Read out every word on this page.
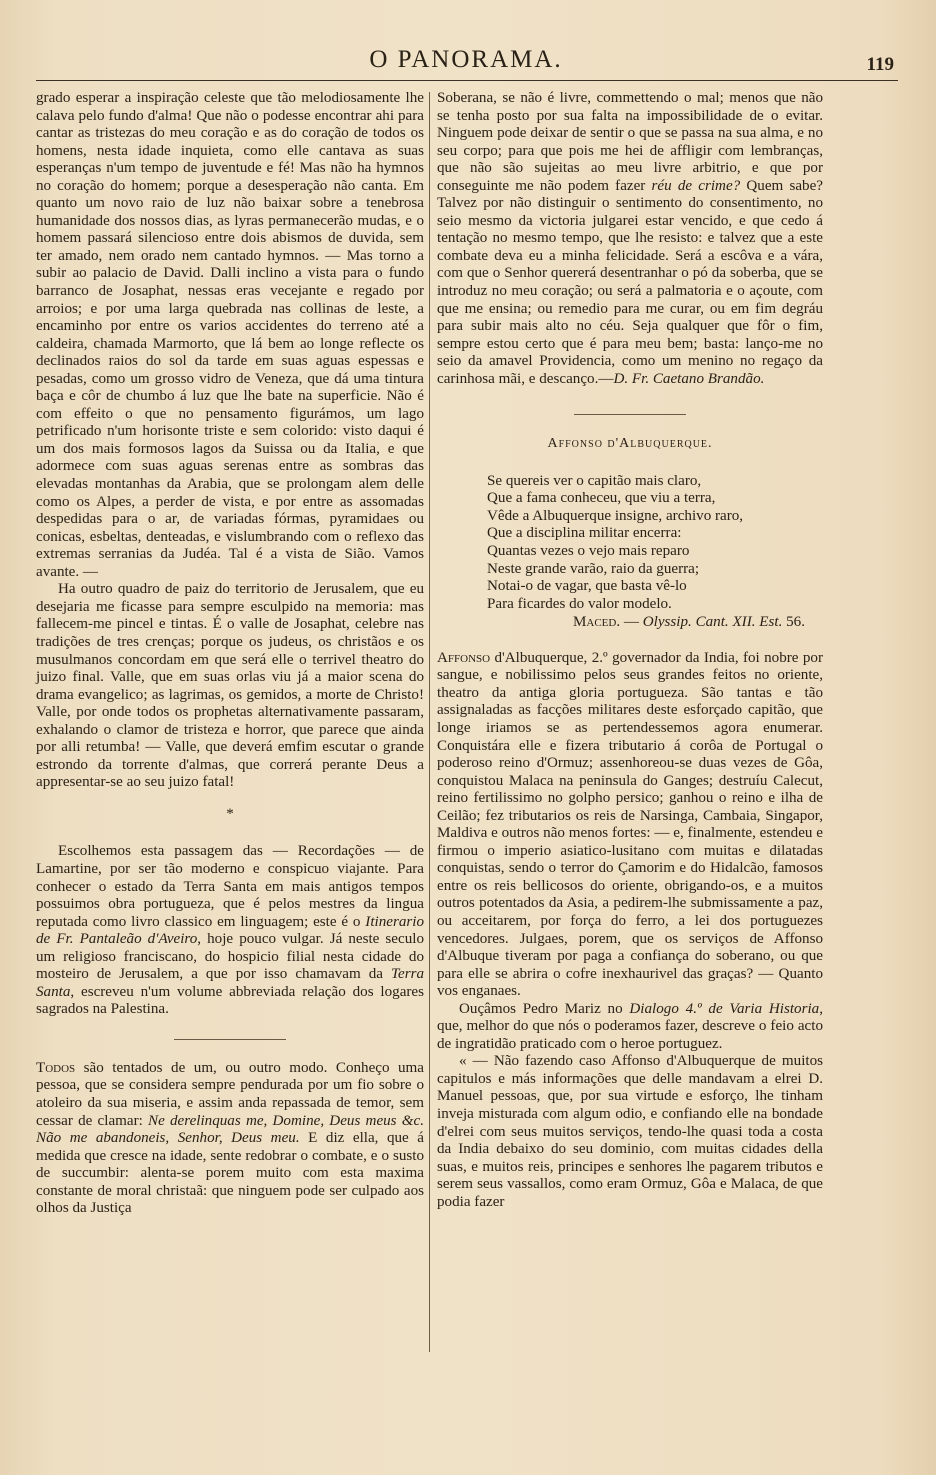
O PANORAMA.	119

grado esperar a inspiração celeste que tão melodiosamente lhe calava pelo fundo d'alma! Que não o podesse encontrar ahi para cantar as tristezas do meu coração e as do coração de todos os homens, nesta idade inquieta, como elle cantava as suas esperanças n'um tempo de juventude e fé! Mas não ha hymnos no coração do homem; porque a desesperação não canta. Em quanto um novo raio de luz não baixar sobre a tenebrosa humanidade dos nossos dias, as lyras permanecerão mudas, e o homem passará silencioso entre dois abismos de duvida, sem ter amado, nem orado nem cantado hymnos. — Mas torno a subir ao palacio de David. Dalli inclino a vista para o fundo barranco de Josaphat, nessas eras vecejante e regado por arroios; e por uma larga quebrada nas collinas de leste, a encaminho por entre os varios accidentes do terreno até a caldeira, chamada Marmorto, que lá bem ao longe reflecte os declinados raios do sol da tarde em suas aguas espessas e pesadas, como um grosso vidro de Veneza, que dá uma tintura baça e côr de chumbo á luz que lhe bate na superficie. Não é com effeito o que no pensamento figurámos, um lago petrificado n'um horisonte triste e sem colorido: visto daqui é um dos mais formosos lagos da Suissa ou da Italia, e que adormece com suas aguas serenas entre as sombras das elevadas montanhas da Arabia, que se prolongam alem delle como os Alpes, a perder de vista, e por entre as assomadas despedidas para o ar, de variadas fórmas, pyramidaes ou conicas, esbeltas, denteadas, e vislumbrando com o reflexo das extremas serranias da Judéa. Tal é a vista de Sião. Vamos avante. —

Ha outro quadro de paiz do territorio de Jerusalem, que eu desejaria me ficasse para sempre esculpido na memoria: mas fallecem-me pincel e tintas. É o valle de Josaphat, celebre nas tradições de tres crenças; porque os judeus, os christãos e os musulmanos concordam em que será elle o terrivel theatro do juizo final. Valle, que em suas orlas viu já a maior scena do drama evangelico; as lagrimas, os gemidos, a morte de Christo! Valle, por onde todos os prophetas alternativamente passaram, exhalando o clamor de tristeza e horror, que parece que ainda por alli retumba! — Valle, que deverá emfim escutar o grande estrondo da torrente d'almas, que correrá perante Deus a appresentar-se ao seu juizo fatal!

*

Escolhemos esta passagem das — Recordações — de Lamartine, por ser tão moderno e conspicuo viajante. Para conhecer o estado da Terra Santa em mais antigos tempos possuimos obra portugueza, que é pelos mestres da lingua reputada como livro classico em linguagem; este é o Itinerario de Fr. Pantaleão d'Aveiro, hoje pouco vulgar. Já neste seculo um religioso franciscano, do hospicio filial nesta cidade do mosteiro de Jerusalem, a que por isso chamavam da Terra Santa, escreveu n'um volume abbreviada relação dos logares sagrados na Palestina.

Todos são tentados de um, ou outro modo. Conheço uma pessoa, que se considera sempre pendurada por um fio sobre o atoleiro da sua miseria, e assim anda repassada de temor, sem cessar de clamar: Ne derelinquas me, Domine, Deus meus &c. Não me abandoneis, Senhor, Deus meu. E diz ella, que á medida que cresce na idade, sente redobrar o combate, e o susto de succumbir: alenta-se porem muito com esta maxima constante de moral christaã: que ninguem pode ser culpado aos olhos da Justiça

Soberana, se não é livre, commettendo o mal; menos que não se tenha posto por sua falta na impossibilidade de o evitar. Ninguem pode deixar de sentir o que se passa na sua alma, e no seu corpo; para que pois me hei de affligir com lembranças, que não são sujeitas ao meu livre arbitrio, e que por conseguinte me não podem fazer réu de crime? Quem sabe? Talvez por não distinguir o sentimento do consentimento, no seio mesmo da victoria julgarei estar vencido, e que cedo á tentação no mesmo tempo, que lhe resisto: e talvez que a este combate deva eu a minha felicidade. Será a escôva e a vára, com que o Senhor quererá desentranhar o pó da soberba, que se introduz no meu coração; ou será a palmatoria e o açoute, com que me ensina; ou remedio para me curar, ou em fim degráu para subir mais alto no céu. Seja qualquer que fôr o fim, sempre estou certo que é para meu bem; basta: lanço-me no seio da amavel Providencia, como um menino no regaço da carinhosa mãi, e descanço.—D. Fr. Caetano Brandão.

Affonso d'Albuquerque.
Se quereis ver o capitão mais claro,
Que a fama conheceu, que viu a terra,
Vêde a Albuquerque insigne, archivo raro,
Que a disciplina militar encerra:
Quantas vezes o vejo mais reparo
Neste grande varão, raio da guerra;
Notai-o de vagar, que basta vê-lo
Para ficardes do valor modelo.
Maced. — Olyssip. Cant. XII. Est. 56.

Affonso d'Albuquerque, 2.º governador da India, foi nobre por sangue, e nobilissimo pelos seus grandes feitos no oriente, theatro da antiga gloria portugueza. São tantas e tão assignaladas as facções militares deste esforçado capitão, que longe iriamos se as pertendessemos agora enumerar. Conquistára elle e fizera tributario á corôa de Portugal o poderoso reino d'Ormuz; assenhoreou-se duas vezes de Gôa, conquistou Malaca na peninsula do Ganges; destruíu Calecut, reino fertilissimo no golpho persico; ganhou o reino e ilha de Ceilão; fez tributarios os reis de Narsinga, Cambaia, Singapor, Maldiva e outros não menos fortes: — e, finalmente, estendeu e firmou o imperio asiatico-lusitano com muitas e dilatadas conquistas, sendo o terror do Çamorim e do Hidalcão, famosos entre os reis bellicosos do oriente, obrigando-os, e a muitos outros potentados da Asia, a pedirem-lhe submissamente a paz, ou acceitarem, por força do ferro, a lei dos portuguezes vencedores. Julgaes, porem, que os serviços de Affonso d'Albuque tiveram por paga a confiança do soberano, ou que para elle se abrira o cofre inexhaurivel das graças? — Quanto vos enganaes.

Ouçâmos Pedro Mariz no Dialogo 4.º de Varia Historia, que, melhor do que nós o poderamos fazer, descreve o feio acto de ingratidão praticado com o heroe portuguez.

« — Não fazendo caso Affonso d'Albuquerque de muitos capitulos e más informações que delle mandavam a elrei D. Manuel pessoas, que, por sua virtude e esforço, lhe tinham inveja misturada com algum odio, e confiando elle na bondade d'elrei com seus muitos serviços, tendo-lhe quasi toda a costa da India debaixo do seu dominio, com muitas cidades della suas, e muitos reis, principes e senhores lhe pagarem tributos e serem seus vassallos, como eram Ormuz, Gôa e Malaca, de que podia fazer
